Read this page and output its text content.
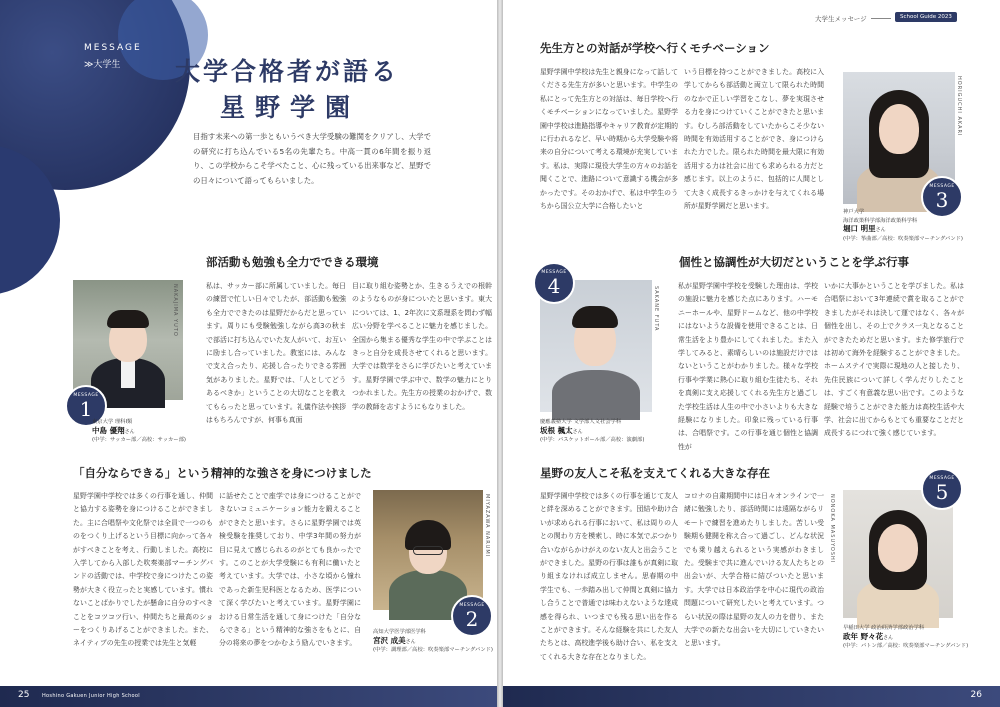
MESSAGE
≫大学生 大学合格者が語る
星野学園
目指す未来への第一歩ともいうべき大学受験の難関をクリアし、大学での研究に打ち込んでいる5名の先輩たち。中高一貫の6年間を振り返り、この学校からこそ学べたこと、心に残っている出来事など、星野での日々について語ってもらいました。
部活動も勉強も全力でできる環境
私は、サッカー部に所属していました。毎日の練習で忙しい日々でしたが、部活動も勉強も全力でできたのは星野だからだと思っています。周りにも受験勉強しながら高3の秋まで部活に打ち込んでいた友人がいて、お互いに励まし合っていました。教室には、みんなで支え合ったり、応援し合ったりできる雰囲気がありました。星野では、「人としてどうあるべきか」ということの大切なことを教えてもらったと思っています。礼儀作法や挨拶はもちろんですが、何事も真面
目に取り組む姿勢とか、生きるうえでの根幹のようなものが身についたと思います。東大については、1、2年次に文系理系を問わず幅広い分野を学べることに魅力を感じました。全国から集まる優秀な学生の中で学ぶことはきっと自分を成長させてくれると思います。大学では数学をさらに学びたいと考えています。星野学園で学ぶ中で、数学の魅力にとりつかれました。先生方の授業のおかげで、数学の教師を志すようにもなりました。
NAKAJIMA YUTO
MESSAGE
1
東京大学 理科Ⅰ類
中島 優翔さん
(中学：サッカー部／高校：サッカー部)
「自分ならできる」という精神的な強さを身につけました
星野学園中学校では多くの行事を通し、仲間と協力する姿勢を身につけることができました。主に合唱祭や文化祭では全員で一つのものをつくり上げるという目標に向かって各々がすべきことを考え、行動しました。高校に入学してから入部した吹奏楽部マーチングバンドの活動では、中学校で身につけたこの姿勢が大きく役立ったと実感しています。慣れないことばかりでしたが懸命に自分のすべきことをコツコツ行い、仲間たちと最高のショーをつくりあげることができました。また、ネイティブの先生の授業では先生と気軽
に話せたことで座学では身につけることができないコミュニケーション能力を鍛えることができたと思います。さらに星野学園では英検受験を推奨しており、中学3年間の努力が目に見えて感じられるのがとても良かったです。このことが大学受験にも有利に働いたと考えています。大学では、小さな頃から憧れであった新生児科医となるため、医学について深く学びたいと考えています。星野学園における日常生活を通して身につけた「自分ならできる」という精神的な強さをもとに、自分の将来の夢をつかむよう励んでいきます。
MIYAZAWA NARUMI
MESSAGE
2
高知大学医学部医学科
宮沢 成美さん
(中学：調理部／高校：吹奏楽部マーチングバンド)
25	Hoshino Gakuen Junior High School
大学生メッセージ	School Guide 2023
先生方との対話が学校へ行くモチベーション
星野学園中学校は先生と親身になって話してくださる先生方が多いと思います。中学生の私にとって先生方との対話は、毎日学校へ行くモチベーションになっていました。星野学園中学校は進路指導やキャリア教育が定期的に行われるなど、早い時期から大学受験や将来の自分について考える環境が充実しています。私は、実際に現役大学生の方々のお話を聞くことで、進路について意識する機会が多かったです。そのおかげで、私は中学生のうちから国公立大学に合格したいと
いう目標を持つことができました。高校に入学してからも部活動と両立して限られた時間のなかで正しい学習をこなし、夢を実現させる力を身につけていくことができたと思います。むしろ部活動をしていたからこそ少ない時間を有効活用することができ、身につけられた力でした。限られた時間を最大限に有効活用する力は社会に出ても求められる力だと感じます。以上のように、包括的に人間として大きく成長するきっかけを与えてくれる場所が星野学園だと思います。
HORIGUCHI AKARI
MESSAGE
3
神戸大学
海洋政策科学部海洋政策科学科
堀口 明里さん
(中学：筝曲部／高校：吹奏楽部マーチングバンド)
個性と協調性が大切だということを学ぶ行事
SAKANE FUTA
MESSAGE
4
慶應義塾大学 文学部人文社会学科
坂根 楓太さん
(中学：バスケットボール部／高校：演劇部)
私が星野学園中学校を受験した理由は、学校の施設に魅力を感じた点にあります。ハーモニーホールや、星野ドームなど、他の中学校にはないような設備を使用できることは、日常生活をより豊かにしてくれました。また入学してみると、素晴らしいのは施設だけではないということがわかりました。様々な学校行事や学業に熱心に取り組む生徒たち、それを真剣に支え応援してくれる先生方と過ごした学校生活は人生の中で小さいよりも大きな経験になりました。印象に残っている行事は、合唱祭です。この行事を通じ個性と協調性が
いかに大事かということを学びました。私は合唱祭において3年連続で賞を取ることができましたがそれは決して運ではなく、各々が個性を出し、その上でクラス一丸となることができたためだと思います。また修学旅行では初めて海外を経験することができました。ホームステイで実際に現地の人と接したり、先住民族について詳しく学んだりしたことは、すごく有意義な思い出です。このような経験で培うことができた能力は高校生活や大学、社会に出てからもとても重要なことだと成長するにつれて強く感じています。
星野の友人こそ私を支えてくれる大きな存在
星野学園中学校では多くの行事を通じて友人と絆を深めることができます。団結や助け合いが求められる行事において、私は周りの人との関わり方を模索し、時に本気でぶつかり合いながらかけがえのない友人と出会うことができました。星野の行事は誰もが真剣に取り組まなければ成立しません。思春期の中学生でも、一歩踏み出して仲間と真剣に協力し合うことで普通では味わえないような達成感を得られ、いつまでも残る思い出を作ることができます。そんな経験を共にした友人たちとは、高校進学後も助け合い、私を支えてくれる大きな存在となりました。
コロナの自粛期間中には日々オンラインで一緒に勉強したり、部活時間には遠隔ながらリモートで練習を進めたりしました。苦しい受験期も健闘を称え合って過ごし、どんな状況でも乗り越えられるという実感がわきました。受験まで共に進んでいける友人たちとの出会いが、大学合格に結びついたと思います。大学では日本政治学を中心に現代の政治問題について研究したいと考えています。つらい状況の際は星野の友人の力を借り、また大学での新たな出会いを大切にしていきたいと思います。
NONOKA MASUYOSHI
MESSAGE
5
早稲田大学 政治経済学部政治学科
政年 野々花さん
(中学：バトン部／高校：吹奏楽部マーチングバンド)
26
